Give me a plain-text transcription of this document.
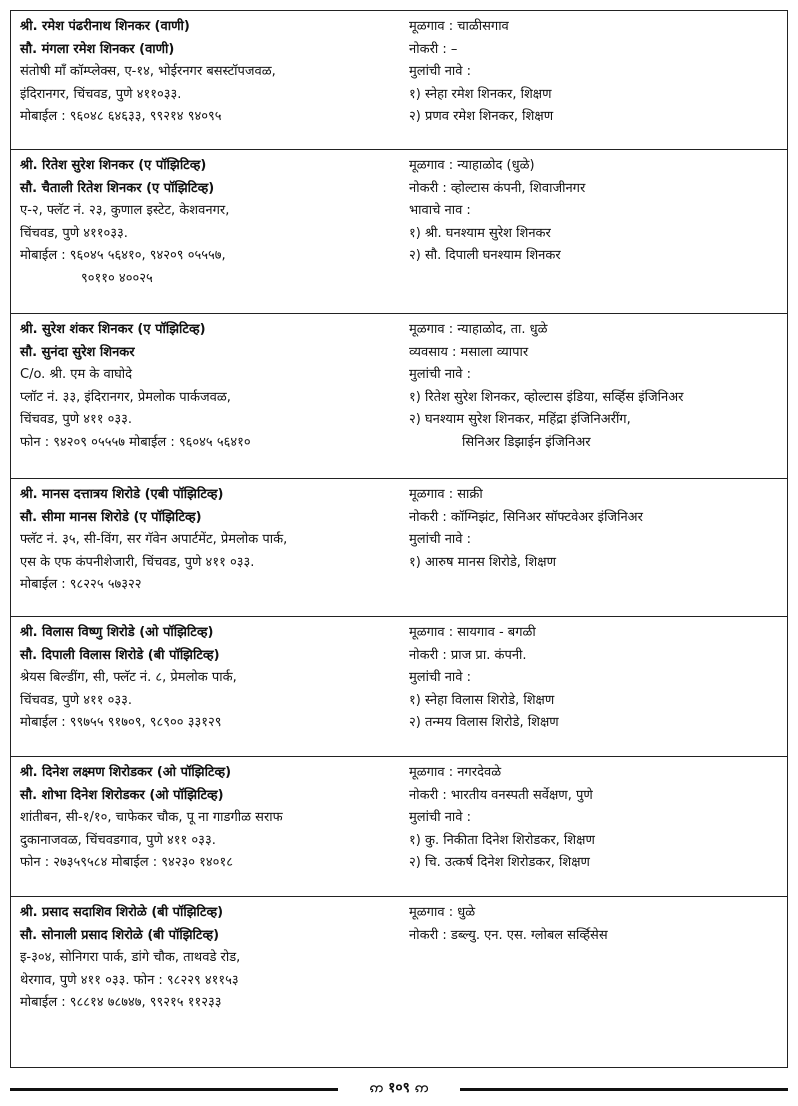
श्री. रमेश पंढरीनाथ शिनकर (वाणी)
सौ. मंगला रमेश शिनकर (वाणी)
संतोषी माँ कॉम्प्लेक्स, ए-१४, भोईरनगर बसस्टॉपजवळ,
इंदिरानगर, चिंचवड, पुणे ४११०३३.
मोबाईल : ९६०४८ ६४६३३, ९९२१४ ९४०९५
मूळगाव : चाळीसगाव
नोकरी : –
मुलांची नावे :
१) स्नेहा रमेश शिनकर, शिक्षण
२) प्रणव रमेश शिनकर, शिक्षण
श्री. रितेश सुरेश शिनकर (ए पॉझिटिव्ह)
सौ. चैताली रितेश शिनकर (ए पॉझिटिव्ह)
ए-२, फ्लॅट नं. २३, कुणाल इस्टेट, केशवनगर,
चिंचवड, पुणे ४११०३३.
मोबाईल : ९६०४५ ५६४१०, ९४२०९ ०५५५७,
९०११० ४००२५
मूळगाव : न्याहाळोद (धुळे)
नोकरी : व्होल्टास कंपनी, शिवाजीनगर
भावाचे नाव :
१) श्री. घनश्याम सुरेश शिनकर
२) सौ. दिपाली घनश्याम शिनकर
श्री. सुरेश शंकर शिनकर (ए पॉझिटिव्ह)
सौ. सुनंदा सुरेश शिनकर
C/o. श्री. एम के वाघोदे
प्लॉट नं. ३३, इंदिरानगर, प्रेमलोक पार्कजवळ,
चिंचवड, पुणे ४११ ०३३.
फोन : ९४२०९ ०५५५७ मोबाईल : ९६०४५ ५६४१०
मूळगाव : न्याहाळोद, ता. धुळे
व्यवसाय : मसाला व्यापार
मुलांची नावे :
१) रितेश सुरेश शिनकर, व्होल्टास इंडिया, सर्व्हिस इंजिनिअर
२) घनश्याम सुरेश शिनकर, महिंद्रा इंजिनिअरींग,
सिनिअर डिझाईन इंजिनिअर
श्री. मानस दत्तात्रय शिरोडे (एबी पॉझिटिव्ह)
सौ. सीमा मानस शिरोडे (ए पॉझिटिव्ह)
फ्लॅट नं. ३५, सी-विंग, सर गॅवेन अपार्टमेंट, प्रेमलोक पार्क,
एस के एफ कंपनीशेजारी, चिंचवड, पुणे ४११ ०३३.
मोबाईल : ९८२२५ ५७३२२
मूळगाव : साक्री
नोकरी : कॉग्निझंट, सिनिअर सॉफ्टवेअर इंजिनिअर
मुलांची नावे :
१) आरुष मानस शिरोडे, शिक्षण
श्री. विलास विष्णु शिरोडे (ओ पॉझिटिव्ह)
सौ. दिपाली विलास शिरोडे (बी पॉझिटिव्ह)
श्रेयस बिल्डींग, सी, फ्लॅट नं. ८, प्रेमलोक पार्क,
चिंचवड, पुणे ४११ ०३३.
मोबाईल : ९९७५५ ९१७०९, ९८९०० ३३१२९
मूळगाव : सायगाव - बगळी
नोकरी : प्राज प्रा. कंपनी.
मुलांची नावे :
१) स्नेहा विलास शिरोडे, शिक्षण
२) तन्मय विलास शिरोडे, शिक्षण
श्री. दिनेश लक्ष्मण शिरोडकर (ओ पॉझिटिव्ह)
सौ. शोभा दिनेश शिरोडकर (ओ पॉझिटिव्ह)
शांतीबन, सी-१/१०, चाफेकर चौक, पू ना गाडगीळ सराफ
दुकानाजवळ, चिंचवडगाव, पुणे ४११ ०३३.
फोन : २७३५९५८४ मोबाईल : ९४२३० १४०१८
मूळगाव : नगरदेवळे
नोकरी : भारतीय वनस्पती सर्वेक्षण, पुणे
मुलांची नावे :
१) कु. निकीता दिनेश शिरोडकर, शिक्षण
२) चि. उत्कर्ष दिनेश शिरोडकर, शिक्षण
श्री. प्रसाद सदाशिव शिरोळे (बी पॉझिटिव्ह)
सौ. सोनाली प्रसाद शिरोळे (बी पॉझिटिव्ह)
इ-३०४, सोनिगरा पार्क, डांगे चौक, ताथवडे रोड,
थेरगाव, पुणे ४११ ०३३. फोन : ९८२२९ ४११५३
मोबाईल : ९८८१४ ७८७४७, ९९२१५ ११२३३
मूळगाव : धुळे
नोकरी : डब्ल्यु. एन. एस. ग्लोबल सर्व्हिसेस
ဢ १०९ ဢ
